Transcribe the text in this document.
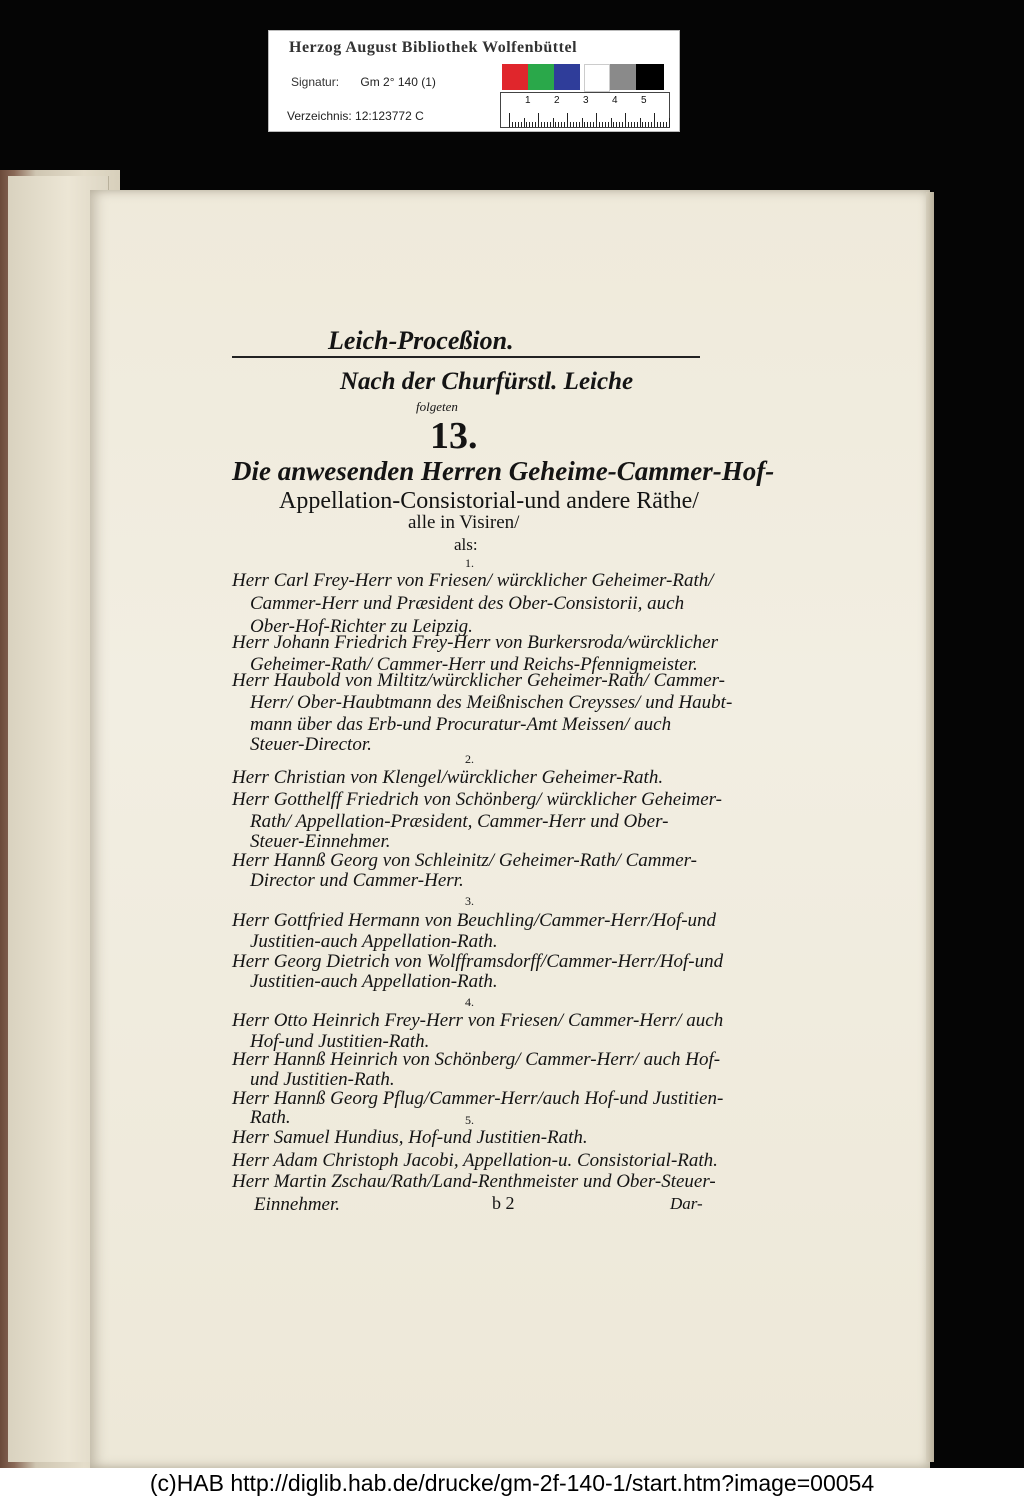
Herzog August Bibliothek Wolfenbüttel
Signatur: Gm 2° 140 (1)
Verzeichnis: 12:123772 C
1 2 3 4 5
Leich-Proceßion.
Nach der Churfürstl. Leiche
folgeten
13.
Die anwesenden Herren Geheime-Cammer-Hof-
Appellation-Consistorial-und andere Räthe/
alle in Visiren/
als:
1.
Herr Carl Frey-Herr von Friesen/ würcklicher Geheimer-Rath/
Cammer-Herr und Præsident des Ober-Consistorii, auch
Ober-Hof-Richter zu Leipzig.
Herr Johann Friedrich Frey-Herr von Burkersroda/würcklicher
Geheimer-Rath/ Cammer-Herr und Reichs-Pfennigmeister.
Herr Haubold von Miltitz/würcklicher Geheimer-Rath/ Cammer-
Herr/ Ober-Haubtmann des Meißnischen Creysses/ und Haubt-
mann über das Erb-und Procuratur-Amt Meissen/ auch
Steuer-Director.
2.
Herr Christian von Klengel/würcklicher Geheimer-Rath.
Herr Gotthelff Friedrich von Schönberg/ würcklicher Geheimer-
Rath/ Appellation-Præsident, Cammer-Herr und Ober-
Steuer-Einnehmer.
Herr Hannß Georg von Schleinitz/ Geheimer-Rath/ Cammer-
Director und Cammer-Herr.
3.
Herr Gottfried Hermann von Beuchling/Cammer-Herr/Hof-und
Justitien-auch Appellation-Rath.
Herr Georg Dietrich von Wolfframsdorff/Cammer-Herr/Hof-und
Justitien-auch Appellation-Rath.
4.
Herr Otto Heinrich Frey-Herr von Friesen/ Cammer-Herr/ auch
Hof-und Justitien-Rath.
Herr Hannß Heinrich von Schönberg/ Cammer-Herr/ auch Hof-
und Justitien-Rath.
Herr Hannß Georg Pflug/Cammer-Herr/auch Hof-und Justitien-
Rath.	5.
Herr Samuel Hundius, Hof-und Justitien-Rath.
Herr Adam Christoph Jacobi, Appellation-u. Consistorial-Rath.
Herr Martin Zschau/Rath/Land-Renthmeister und Ober-Steuer-
Einnehmer.	b 2	Dar-
(c)HAB http://diglib.hab.de/drucke/gm-2f-140-1/start.htm?image=00054
